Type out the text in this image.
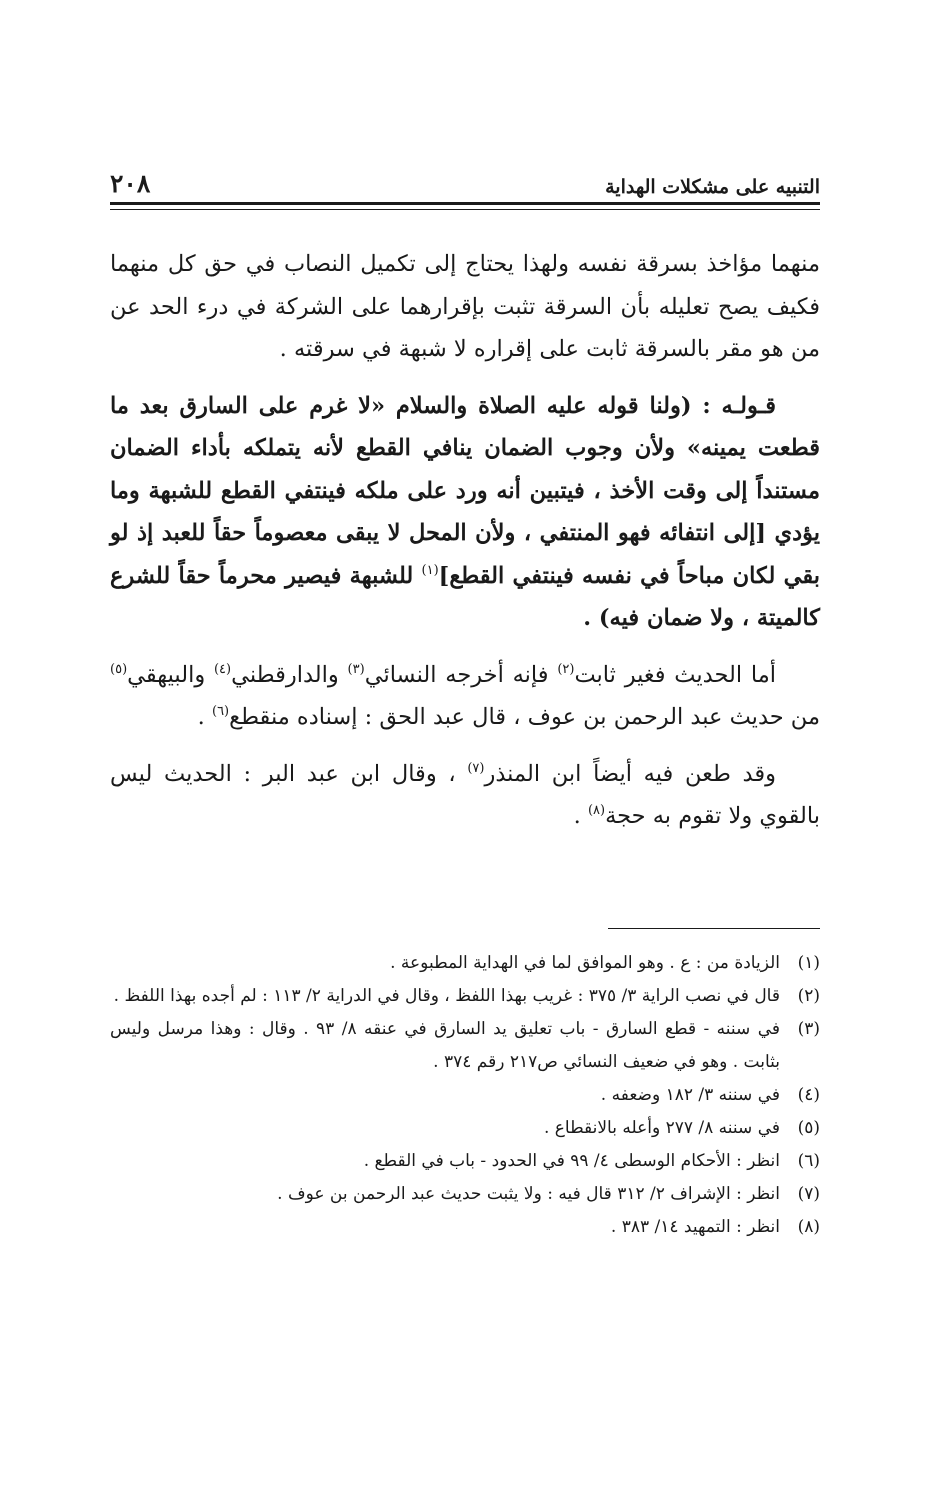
التنبيه على مشكلات الهداية
٢٠٨

منهما مؤاخذ بسرقة نفسه ولهذا يحتاج إلى تكميل النصاب في حق كل منهما فكيف يصح تعليله بأن السرقة تثبت بإقرارهما على الشركة في درء الحد عن من هو مقر بالسرقة ثابت على إقراره لا شبهة في سرقته .

قـولـه : (ولنا قوله عليه الصلاة والسلام «لا غرم على السارق بعد ما قطعت يمينه» ولأن وجوب الضمان ينافي القطع لأنه يتملكه بأداء الضمان مستنداً إلى وقت الأخذ ، فيتبين أنه ورد على ملكه فينتفي القطع للشبهة وما يؤدي [إلى انتفائه فهو المنتفي ، ولأن المحل لا يبقى معصوماً حقاً للعبد إذ لو بقي لكان مباحاً في نفسه فينتفي القطع]$^{(١)}$ للشبهة فيصير محرماً حقاً للشرع كالميتة ، ولا ضمان فيه) .

أما الحديث فغير ثابت$^{(٢)}$ فإنه أخرجه النسائي$^{(٣)}$ والدارقطني$^{(٤)}$ والبيهقي$^{(٥)}$ من حديث عبد الرحمن بن عوف ، قال عبد الحق : إسناده منقطع$^{(٦)}$ .

وقد طعن فيه أيضاً ابن المنذر$^{(٧)}$ ، وقال ابن عبد البر : الحديث ليس بالقوي ولا تقوم به حجة$^{(٨)}$ .

(١)
الزيادة من : ع . وهو الموافق لما في الهداية المطبوعة .
(٢)
قال في نصب الراية ٣/ ٣٧٥ : غريب بهذا اللفظ ، وقال في الدراية ٢/ ١١٣ : لم أجده بهذا اللفظ .
(٣)
في سننه - قطع السارق - باب تعليق يد السارق في عنقه ٨/ ٩٣ . وقال : وهذا مرسل وليس بثابت . وهو في ضعيف النسائي ص٢١٧ رقم ٣٧٤ .
(٤)
في سننه ٣/ ١٨٢ وضعفه .
(٥)
في سننه ٨/ ٢٧٧ وأعله بالانقطاع .
(٦)
انظر : الأحكام الوسطى ٤/ ٩٩ في الحدود - باب في القطع .
(٧)
انظر : الإشراف ٢/ ٣١٢ قال فيه : ولا يثبت حديث عبد الرحمن بن عوف .
(٨)
انظر : التمهيد ١٤/ ٣٨٣ .
